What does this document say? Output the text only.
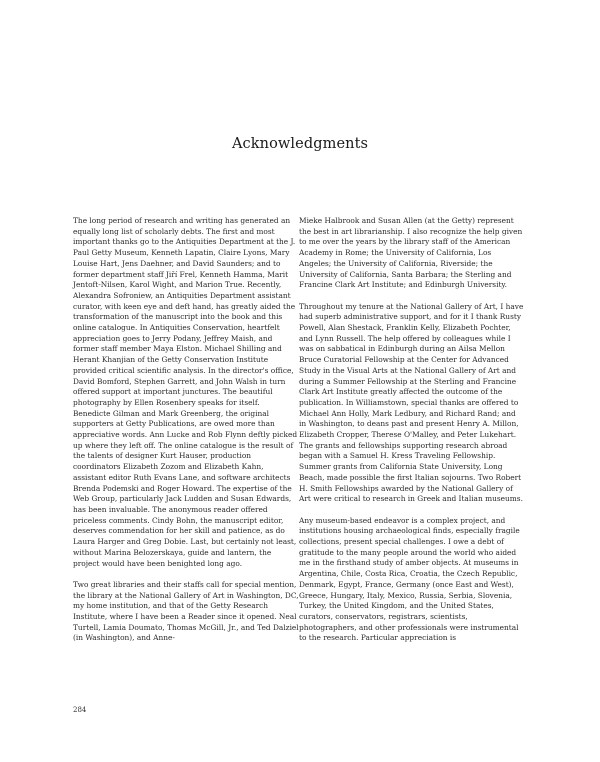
Acknowledgments

The long period of research and writing has generated an equally long list of scholarly debts. The first and most important thanks go to the Antiquities Department at the J. Paul Getty Museum, Kenneth Lapatin, Claire Lyons, Mary Louise Hart, Jens Daehner, and David Saunders; and to former department staff Jiří Frel, Kenneth Hamma, Marit Jentoft-Nilsen, Karol Wight, and Marion True. Recently, Alexandra Sofroniew, an Antiquities Department assistant curator, with keen eye and deft hand, has greatly aided the transformation of the manuscript into the book and this online catalogue. In Antiquities Conservation, heartfelt appreciation goes to Jerry Podany, Jeffrey Maish, and former staff member Maya Elston. Michael Shilling and Herant Khanjian of the Getty Conservation Institute provided critical scientific analysis. In the director's office, David Bomford, Stephen Garrett, and John Walsh in turn offered support at important junctures. The beautiful photography by Ellen Rosenbery speaks for itself. Benedicte Gilman and Mark Greenberg, the original supporters at Getty Publications, are owed more than appreciative words. Ann Lucke and Rob Flynn deftly picked up where they left off. The online catalogue is the result of the talents of designer Kurt Hauser, production coordinators Elizabeth Zozom and Elizabeth Kahn, assistant editor Ruth Evans Lane, and software architects Brenda Podemski and Roger Howard. The expertise of the Web Group, particularly Jack Ludden and Susan Edwards, has been invaluable. The anonymous reader offered priceless comments. Cindy Bohn, the manuscript editor, deserves commendation for her skill and patience, as do Laura Harger and Greg Dobie. Last, but certainly not least, without Marina Belozerskaya, guide and lantern, the project would have been benighted long ago.

Two great libraries and their staffs call for special mention, the library at the National Gallery of Art in Washington, DC, my home institution, and that of the Getty Research Institute, where I have been a Reader since it opened. Neal Turtell, Lamia Doumato, Thomas McGill, Jr., and Ted Dalziel (in Washington), and Anne-

Mieke Halbrook and Susan Allen (at the Getty) represent the best in art librarianship. I also recognize the help given to me over the years by the library staff of the American Academy in Rome; the University of California, Los Angeles; the University of California, Riverside; the University of California, Santa Barbara; the Sterling and Francine Clark Art Institute; and Edinburgh University.

Throughout my tenure at the National Gallery of Art, I have had superb administrative support, and for it I thank Rusty Powell, Alan Shestack, Franklin Kelly, Elizabeth Pochter, and Lynn Russell. The help offered by colleagues while I was on sabbatical in Edinburgh during an Ailsa Mellon Bruce Curatorial Fellowship at the Center for Advanced Study in the Visual Arts at the National Gallery of Art and during a Summer Fellowship at the Sterling and Francine Clark Art Institute greatly affected the outcome of the publication. In Williamstown, special thanks are offered to Michael Ann Holly, Mark Ledbury, and Richard Rand; and in Washington, to deans past and present Henry A. Millon, Elizabeth Cropper, Therese O'Malley, and Peter Lukehart. The grants and fellowships supporting research abroad began with a Samuel H. Kress Traveling Fellowship. Summer grants from California State University, Long Beach, made possible the first Italian sojourns. Two Robert H. Smith Fellowships awarded by the National Gallery of Art were critical to research in Greek and Italian museums.

Any museum-based endeavor is a complex project, and institutions housing archaeological finds, especially fragile collections, present special challenges. I owe a debt of gratitude to the many people around the world who aided me in the firsthand study of amber objects. At museums in Argentina, Chile, Costa Rica, Croatia, the Czech Republic, Denmark, Egypt, France, Germany (once East and West), Greece, Hungary, Italy, Mexico, Russia, Serbia, Slovenia, Turkey, the United Kingdom, and the United States, curators, conservators, registrars, scientists, photographers, and other professionals were instrumental to the research. Particular appreciation is

284
